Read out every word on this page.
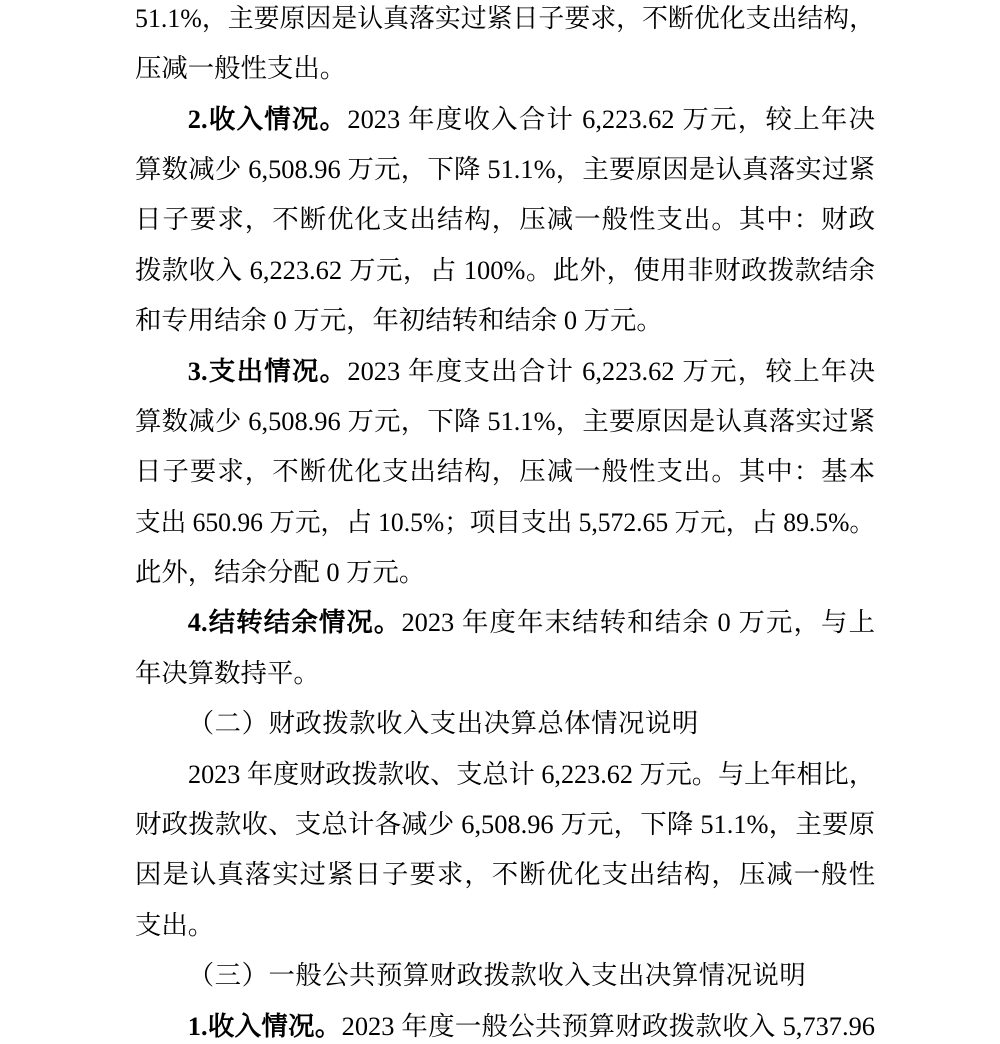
51.1%，主要原因是认真落实过紧日子要求，不断优化支出结构，
压减一般性支出。
2.收入情况。2023 年度收入合计 6,223.62 万元，较上年决
算数减少 6,508.96 万元，下降 51.1%，主要原因是认真落实过紧
日子要求，不断优化支出结构，压减一般性支出。其中：财政
拨款收入 6,223.62 万元，占 100%。此外，使用非财政拨款结余
和专用结余 0 万元，年初结转和结余 0 万元。
3.支出情况。2023 年度支出合计 6,223.62 万元，较上年决
算数减少 6,508.96 万元，下降 51.1%，主要原因是认真落实过紧
日子要求，不断优化支出结构，压减一般性支出。其中：基本
支出 650.96 万元，占 10.5%；项目支出 5,572.65 万元，占 89.5%。
此外，结余分配 0 万元。
4.结转结余情况。2023 年度年末结转和结余 0 万元，与上
年决算数持平。
（二）财政拨款收入支出决算总体情况说明
2023 年度财政拨款收、支总计 6,223.62 万元。与上年相比，
财政拨款收、支总计各减少 6,508.96 万元，下降 51.1%，主要原
因是认真落实过紧日子要求，不断优化支出结构，压减一般性
支出。
（三）一般公共预算财政拨款收入支出决算情况说明
1.收入情况。2023 年度一般公共预算财政拨款收入 5,737.96
